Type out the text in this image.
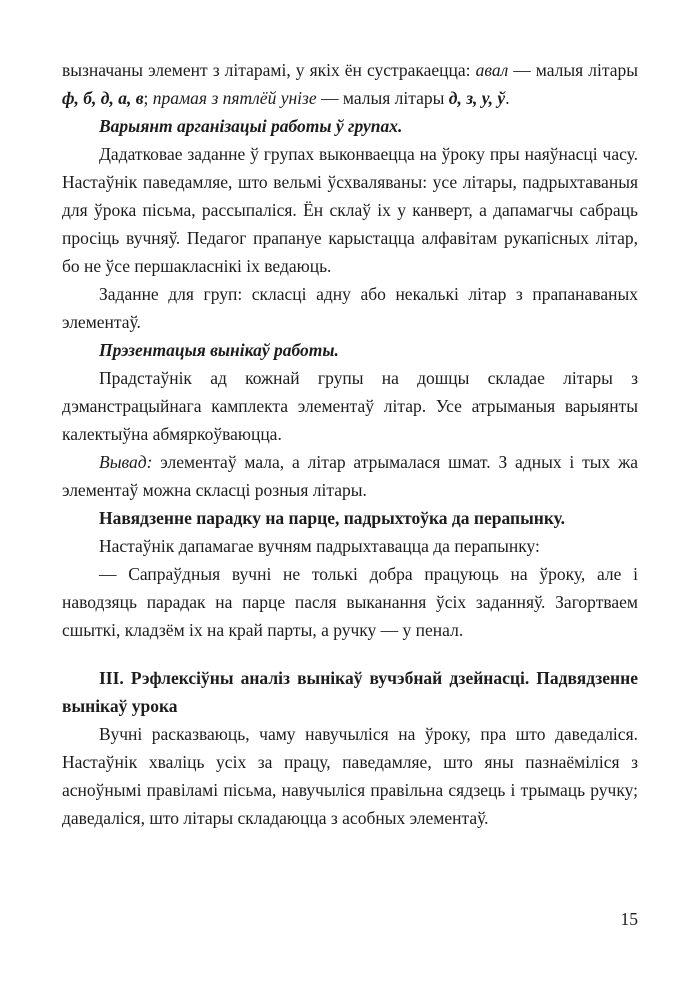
вызначаны элемент з літарамі, у якіх ён сустракаецца: авал — малыя літары ф, б, д, а, в; прамая з пятлёй унізе — малыя літары д, з, у, ў.

Варыянт арганізацыі работы ў групах.

Дадатковае заданне ў групах выконваецца на ўроку пры наяўнасці часу. Настаўнік паведамляе, што вельмі ўсхваляваны: усе літары, падрыхтаваныя для ўрока пісьма, рассыпаліся. Ён склаў іх у канверт, а дапамагчы сабраць просіць вучняў. Педагог прапануе карыстацца алфавітам рукапісных літар, бо не ўсе першакласнікі іх ведаюць.

Заданне для груп: скласці адну або некалькі літар з прапанаваных элементаў.

Прэзентацыя вынікаў работы.

Прадстаўнік ад кожнай групы на дошцы складае літары з дэманстрацыйнага камплекта элементаў літар. Усе атрыманыя варыянты калектыўна абмяркоўваюцца.

Вывад: элементаў мала, а літар атрымалася шмат. З адных і тых жа элементаў можна скласці розныя літары.

Навядзенне парадку на парце, падрыхтоўка да перапынку.

Настаўнік дапамагае вучням падрыхтавацца да перапынку:

— Сапраўдныя вучні не толькі добра працуюць на ўроку, але і наводзяць парадак на парце пасля выканання ўсіх заданняў. Загортваем сшыткі, кладзём іх на край парты, а ручку — у пенал.

III. Рэфлексіўны аналіз вынікаў вучэбнай дзейнасці. Падвядзенне вынікаў урока

Вучні расказваюць, чаму навучыліся на ўроку, пра што даведаліся. Настаўнік хваліць усіх за працу, паведамляе, што яны пазнаёміліся з асноўнымі правіламі пісьма, навучыліся правільна сядзець і трымаць ручку; даведаліся, што літары складаюцца з асобных элементаў.

15
